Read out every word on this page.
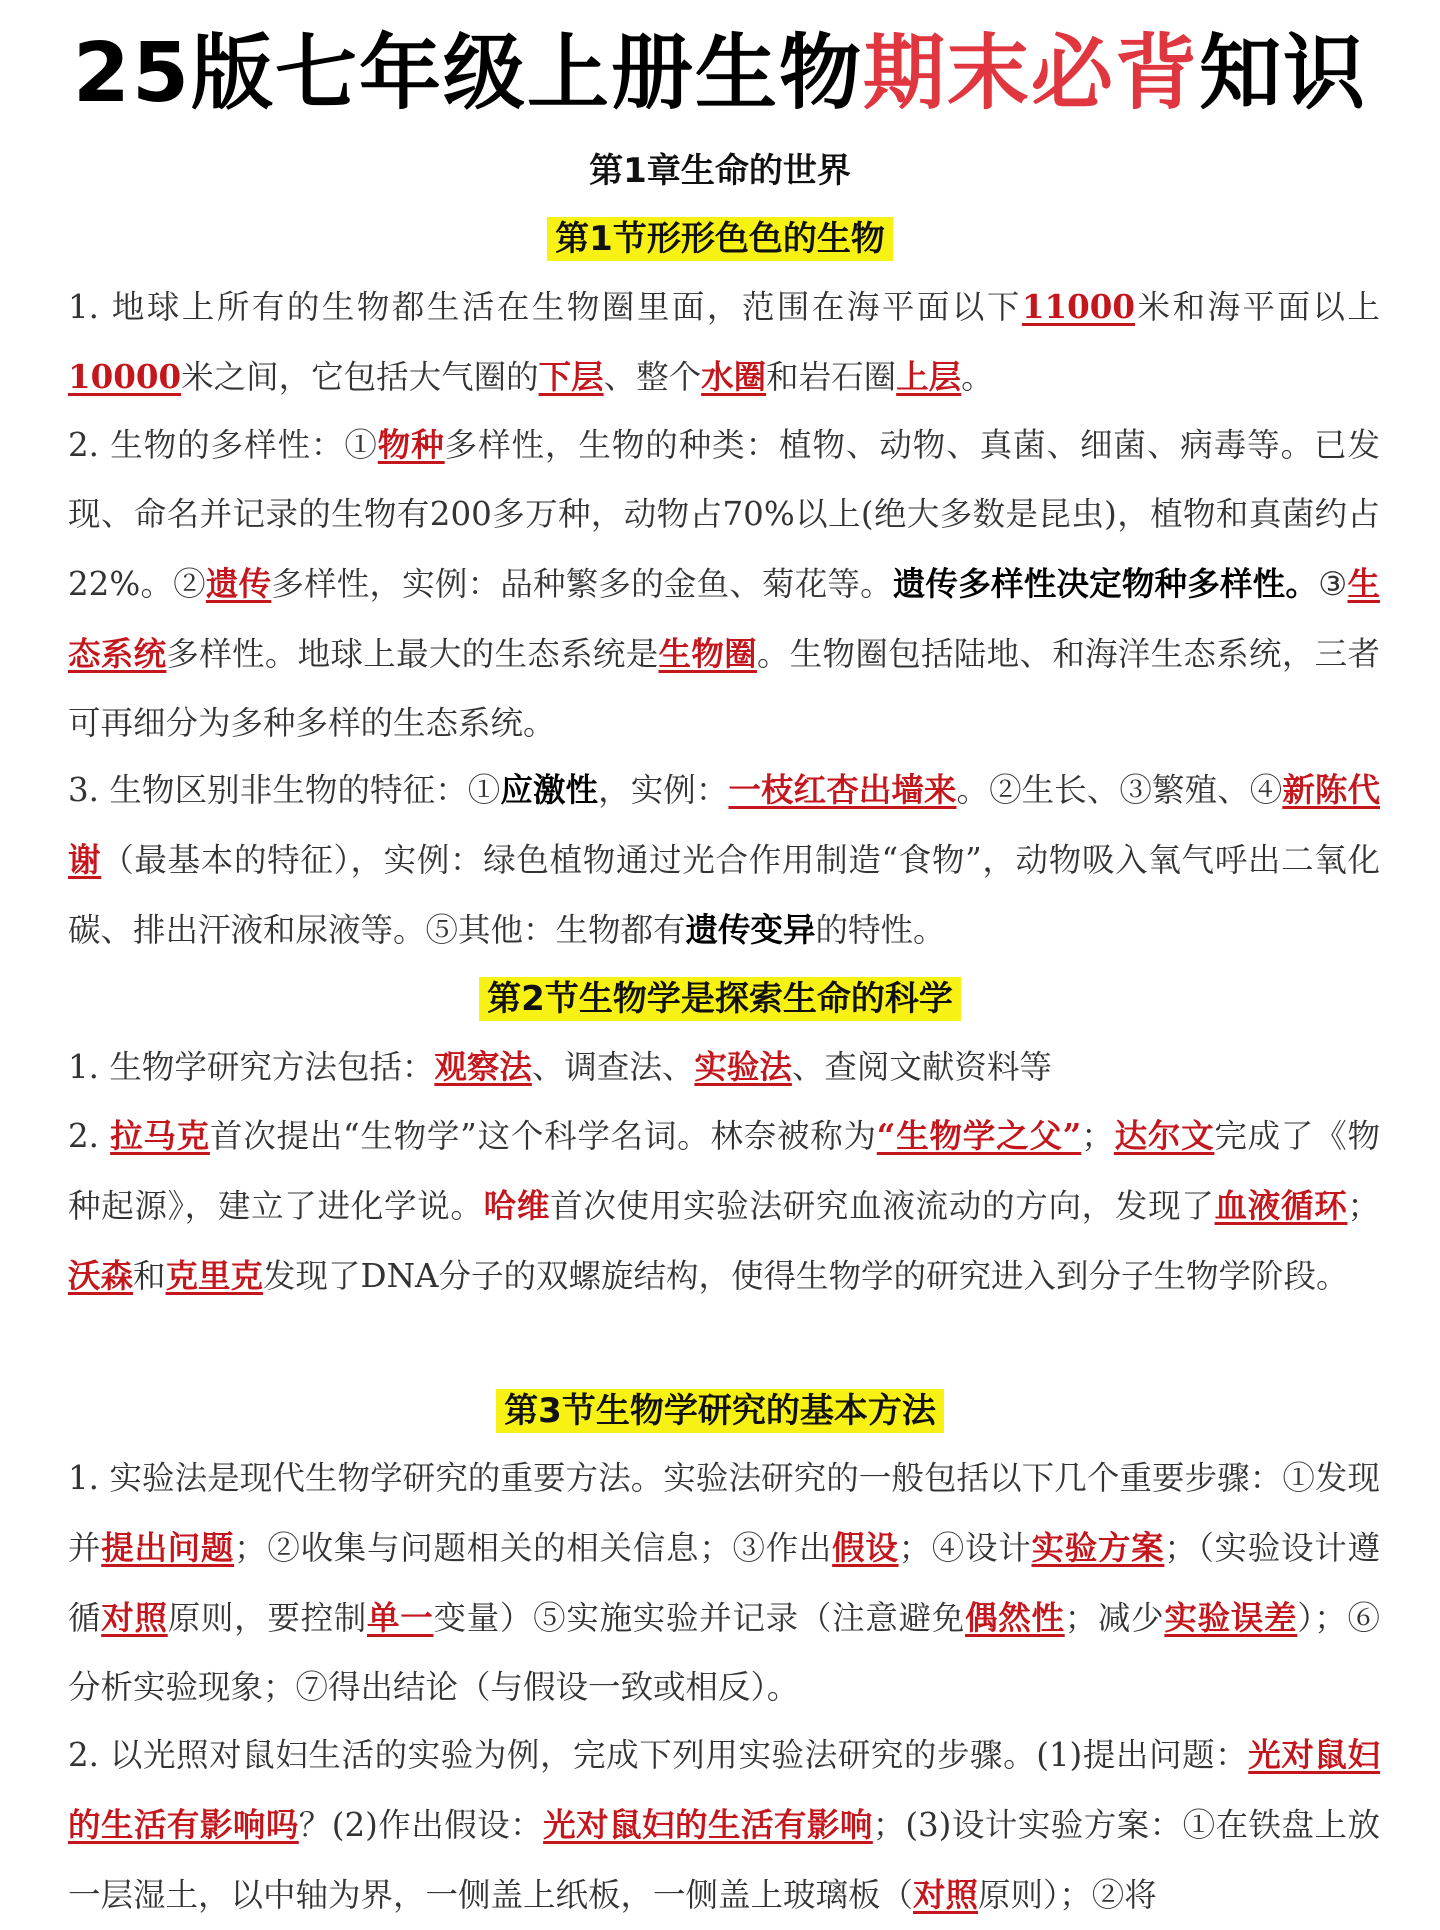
25版七年级上册生物期末必背知识
第1章生命的世界
第1节形形色色的生物
1. 地球上所有的生物都生活在生物圈里面，范围在海平面以下11000米和海平面以上10000米之间，它包括大气圈的下层、整个水圈和岩石圈上层。
2. 生物的多样性：①物种多样性，生物的种类：植物、动物、真菌、细菌、病毒等。已发现、命名并记录的生物有200多万种，动物占70%以上(绝大多数是昆虫)，植物和真菌约占22%。②遗传多样性，实例：品种繁多的金鱼、菊花等。遗传多样性决定物种多样性。③生态系统多样性。地球上最大的生态系统是生物圈。生物圈包括陆地、和海洋生态系统，三者可再细分为多种多样的生态系统。
3. 生物区别非生物的特征：①应激性，实例：一枝红杏出墙来。②生长、③繁殖、④新陈代谢（最基本的特征），实例：绿色植物通过光合作用制造“食物”，动物吸入氧气呼出二氧化碳、排出汗液和尿液等。⑤其他：生物都有遗传变异的特性。
第2节生物学是探索生命的科学
1. 生物学研究方法包括：观察法、调查法、实验法、查阅文献资料等
2. 拉马克首次提出“生物学”这个科学名词。林奈被称为“生物学之父”；达尔文完成了《物种起源》，建立了进化学说。哈维首次使用实验法研究血液流动的方向，发现了血液循环；沃森和克里克发现了DNA分子的双螺旋结构，使得生物学的研究进入到分子生物学阶段。
第3节生物学研究的基本方法
1. 实验法是现代生物学研究的重要方法。实验法研究的一般包括以下几个重要步骤：①发现并提出问题；②收集与问题相关的相关信息；③作出假设；④设计实验方案；（实验设计遵循对照原则，要控制单一变量）⑤实施实验并记录（注意避免偶然性；减少实验误差）；⑥分析实验现象；⑦得出结论（与假设一致或相反）。
2. 以光照对鼠妇生活的实验为例，完成下列用实验法研究的步骤。(1)提出问题：光对鼠妇的生活有影响吗？(2)作出假设：光对鼠妇的生活有影响；(3)设计实验方案：①在铁盘上放一层湿土，以中轴为界，一侧盖上纸板，一侧盖上玻璃板（对照原则）；②将
